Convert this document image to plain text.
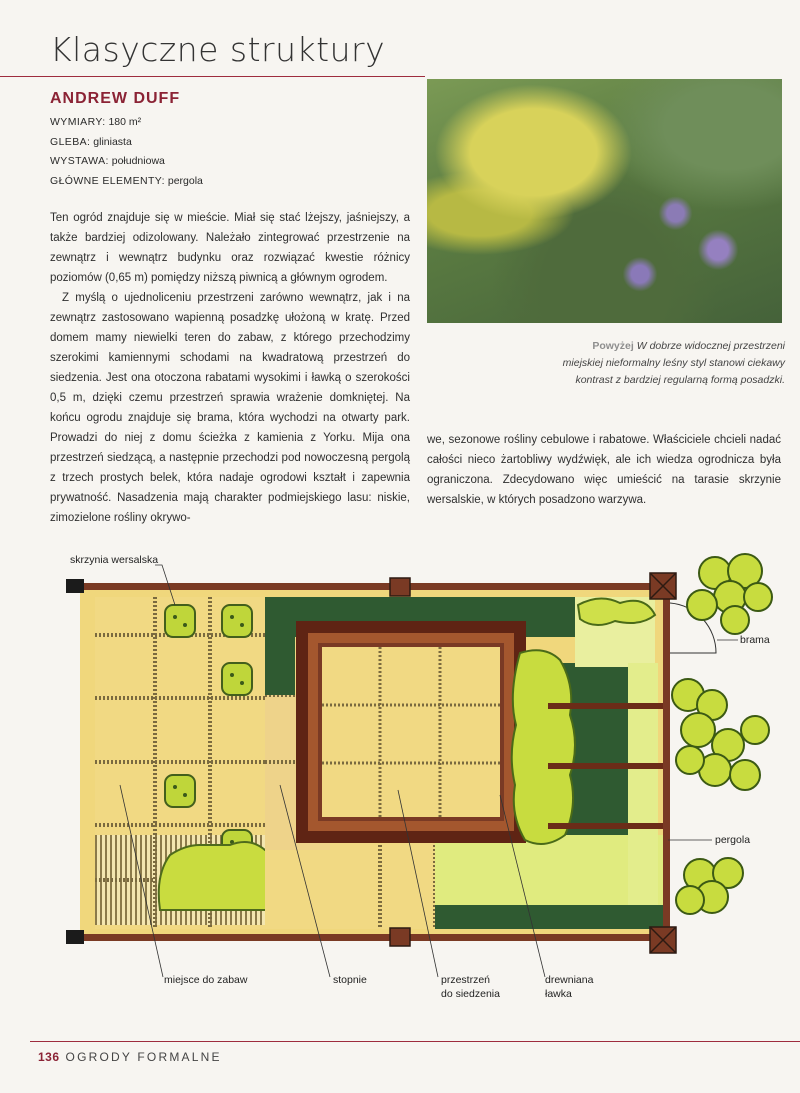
Klasyczne struktury
ANDREW DUFF
WYMIARY: 180 m²
GLEBA: gliniasta
WYSTAWA: południowa
GŁÓWNE ELEMENTY: pergola

Ten ogród znajduje się w mieście. Miał się stać lżejszy, jaśniejszy, a także bardziej odizolowany. Należało zintegrować przestrzenie na zewnątrz i wewnątrz budynku oraz rozwiązać kwestie różnicy poziomów (0,65 m) pomiędzy niższą piwnicą a głównym ogrodem.

Z myślą o ujednoliceniu przestrzeni zarówno wewnątrz, jak i na zewnątrz zastosowano wapienną posadzkę ułożoną w kratę. Przed domem mamy niewielki teren do zabaw, z którego przechodzimy szerokimi kamiennymi schodami na kwadratową przestrzeń do siedzenia. Jest ona otoczona rabatami wysokimi i ławką o szerokości 0,5 m, dzięki czemu przestrzeń sprawia wrażenie domkniętej. Na końcu ogrodu znajduje się brama, która wychodzi na otwarty park. Prowadzi do niej z domu ścieżka z kamienia z Yorku. Mija ona przestrzeń siedzącą, a następnie przechodzi pod nowoczesną pergolą z trzech prostych belek, która nadaje ogrodowi kształt i zapewnia prywatność. Nasadzenia mają charakter podmiejskiego lasu: niskie, zimozielone rośliny okrywo-

Powyżej W dobrze widocznej przestrzeni miejskiej nieformalny leśny styl stanowi ciekawy kontrast z bardziej regularną formą posadzki.

we, sezonowe rośliny cebulowe i rabatowe. Właściciele chcieli nadać całości nieco żartobliwy wydźwięk, ale ich wiedza ogrodnicza była ograniczona. Zdecydowano więc umieścić na tarasie skrzynie wersalskie, w których posadzono warzywa.

skrzynia wersalska
brama
pergola
miejsce do zabaw	stopnie	przestrzeń
do siedzenia
drewniana
ławka
136 OGRODY FORMALNE
